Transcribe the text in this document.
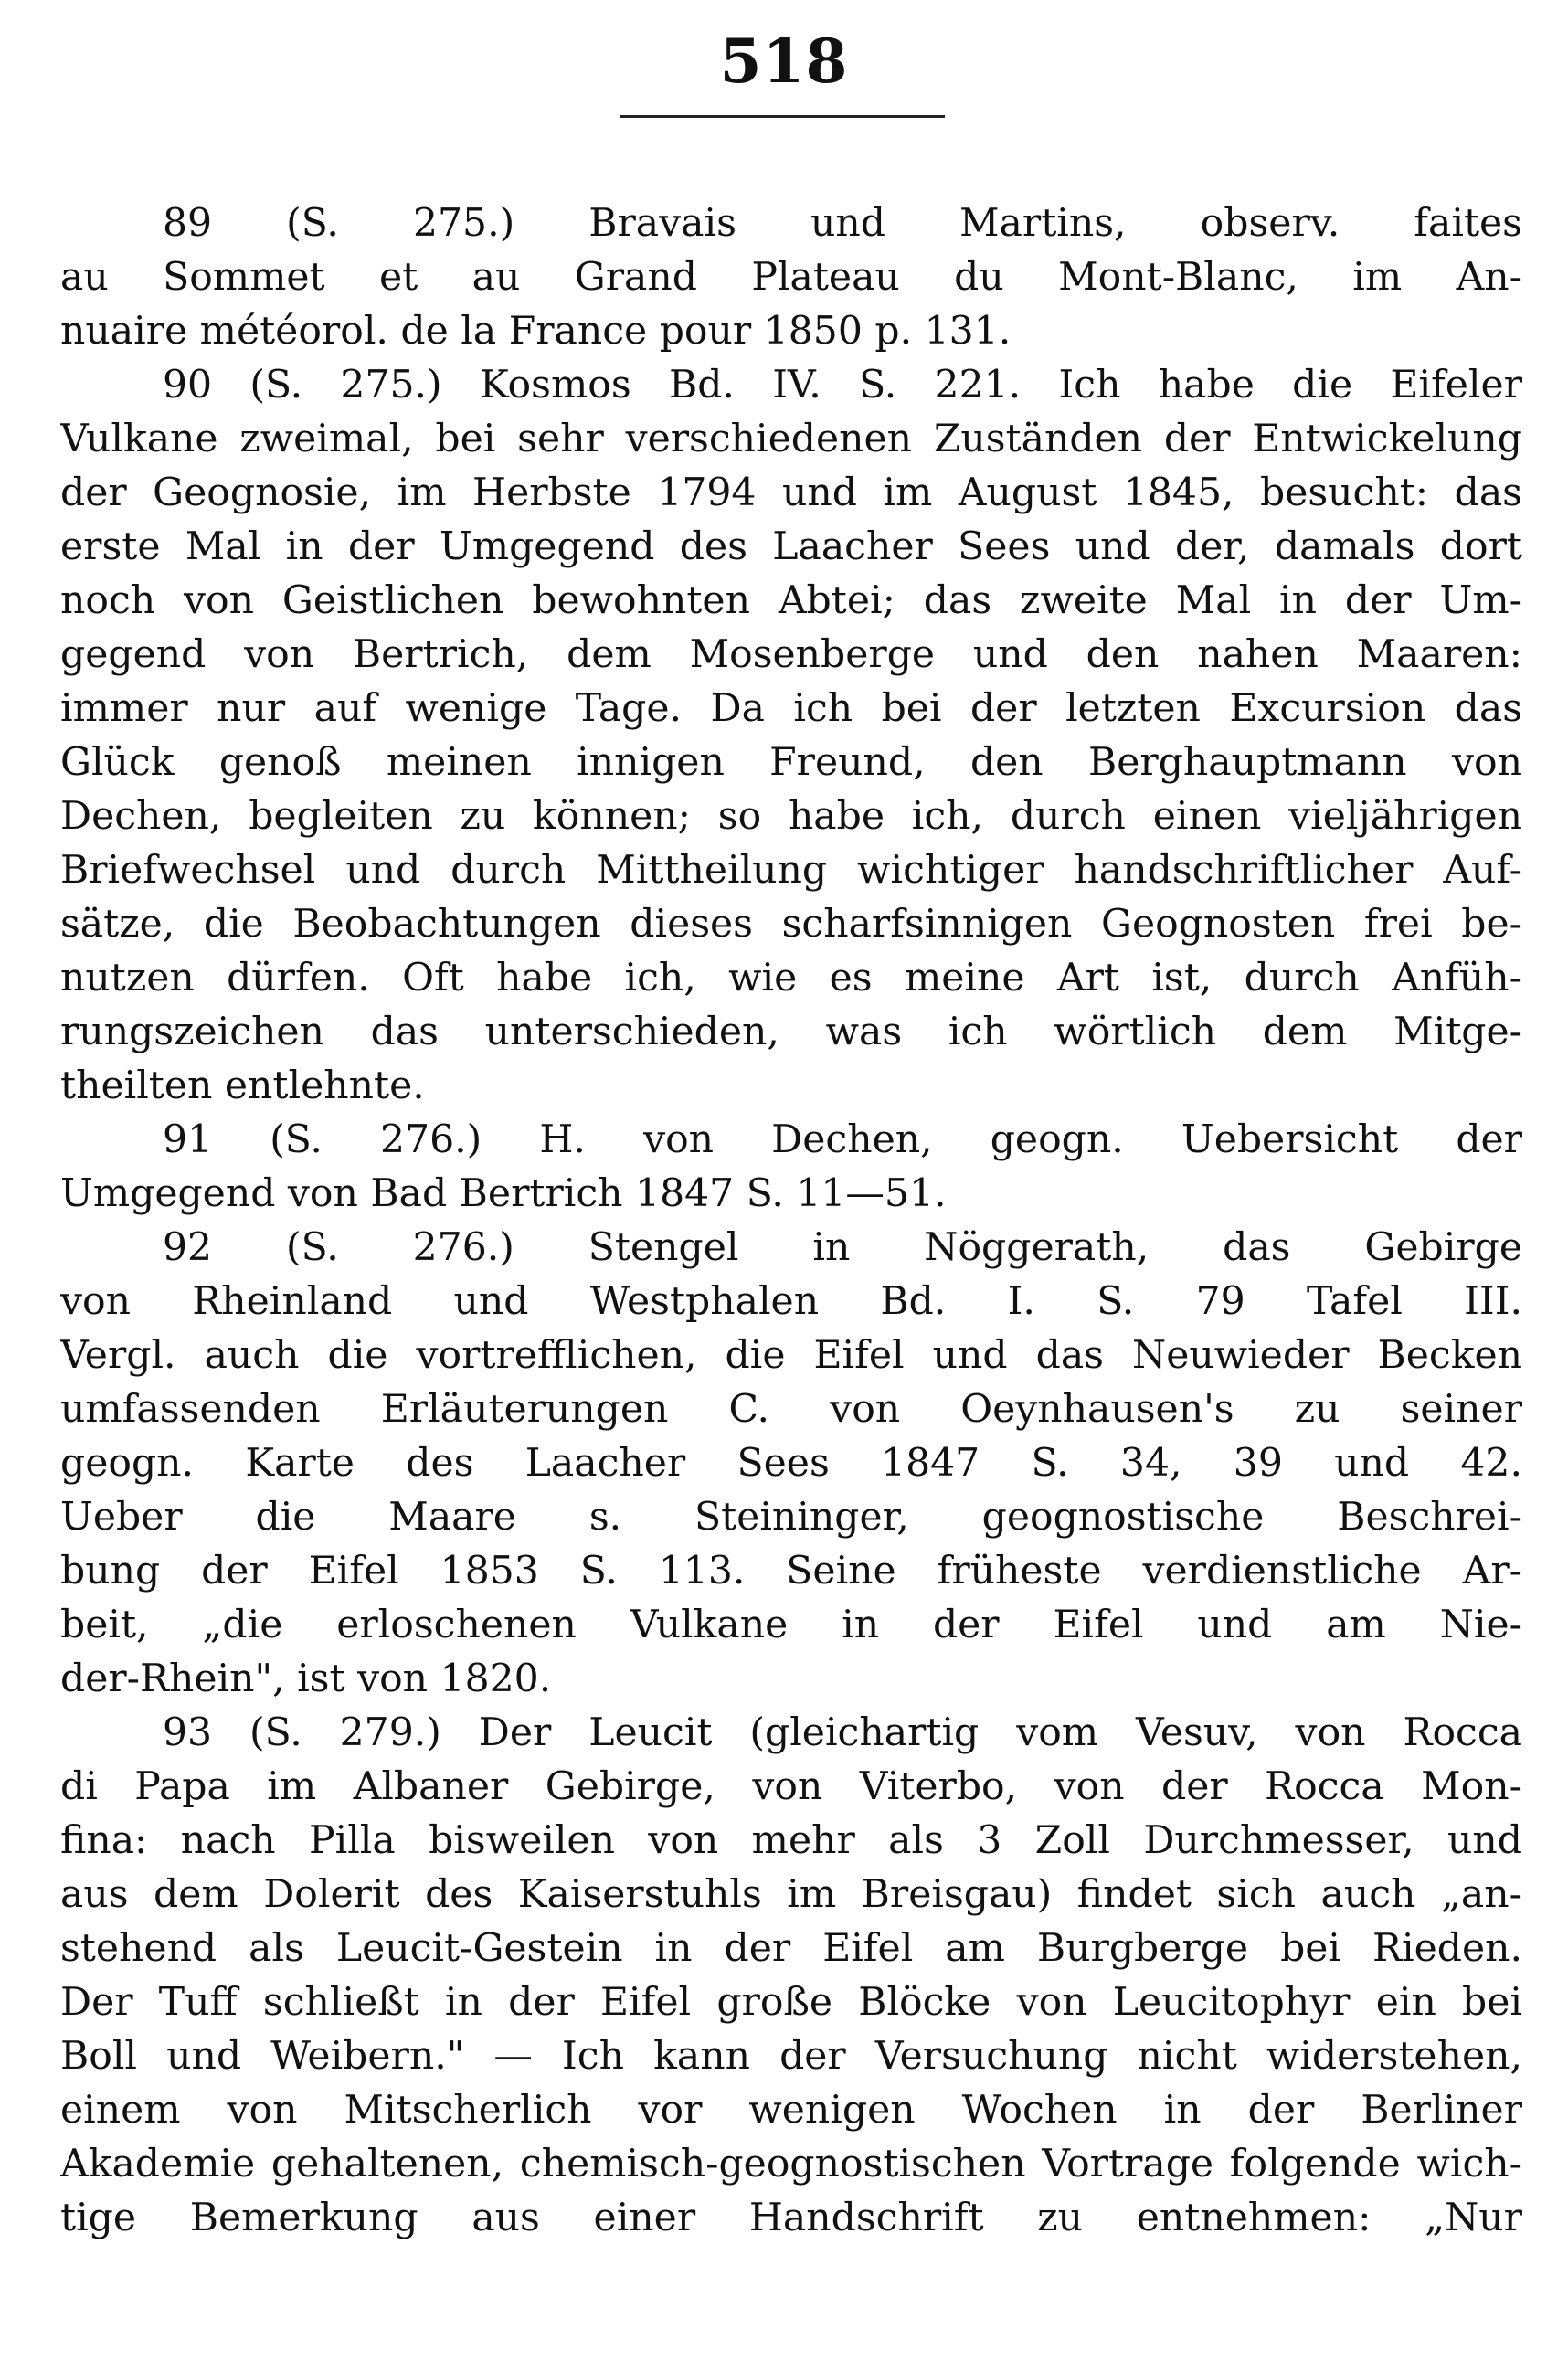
518
89 (S. 275.) Bravais und Martins, observ. faites
au Sommet et au Grand Plateau du Mont-Blanc, im An-
nuaire météorol. de la France pour 1850 p. 131.
90 (S. 275.) Kosmos Bd. IV. S. 221. Ich habe die Eifeler
Vulkane zweimal, bei sehr verschiedenen Zuständen der Entwickelung
der Geognosie, im Herbste 1794 und im August 1845, besucht: das
erste Mal in der Umgegend des Laacher Sees und der, damals dort
noch von Geistlichen bewohnten Abtei; das zweite Mal in der Um-
gegend von Bertrich, dem Mosenberge und den nahen Maaren:
immer nur auf wenige Tage. Da ich bei der letzten Excursion das
Glück genoß meinen innigen Freund, den Berghauptmann von
Dechen, begleiten zu können; so habe ich, durch einen vieljährigen
Briefwechsel und durch Mittheilung wichtiger handschriftlicher Auf-
sätze, die Beobachtungen dieses scharfsinnigen Geognosten frei be-
nutzen dürfen. Oft habe ich, wie es meine Art ist, durch Anfüh-
rungszeichen das unterschieden, was ich wörtlich dem Mitge-
theilten entlehnte.
91 (S. 276.) H. von Dechen, geogn. Uebersicht der
Umgegend von Bad Bertrich 1847 S. 11—51.
92 (S. 276.) Stengel in Nöggerath, das Gebirge
von Rheinland und Westphalen Bd. I. S. 79 Tafel III.
Vergl. auch die vortrefflichen, die Eifel und das Neuwieder Becken
umfassenden Erläuterungen C. von Oeynhausen's zu seiner
geogn. Karte des Laacher Sees 1847 S. 34, 39 und 42.
Ueber die Maare s. Steininger, geognostische Beschrei-
bung der Eifel 1853 S. 113. Seine früheste verdienstliche Ar-
beit, „die erloschenen Vulkane in der Eifel und am Nie-
der-Rhein", ist von 1820.
93 (S. 279.) Der Leucit (gleichartig vom Vesuv, von Rocca
di Papa im Albaner Gebirge, von Viterbo, von der Rocca Mon-
fina: nach Pilla bisweilen von mehr als 3 Zoll Durchmesser, und
aus dem Dolerit des Kaiserstuhls im Breisgau) findet sich auch „an-
stehend als Leucit-Gestein in der Eifel am Burgberge bei Rieden.
Der Tuff schließt in der Eifel große Blöcke von Leucitophyr ein bei
Boll und Weibern." — Ich kann der Versuchung nicht widerstehen,
einem von Mitscherlich vor wenigen Wochen in der Berliner
Akademie gehaltenen, chemisch-geognostischen Vortrage folgende wich-
tige Bemerkung aus einer Handschrift zu entnehmen: „Nur
